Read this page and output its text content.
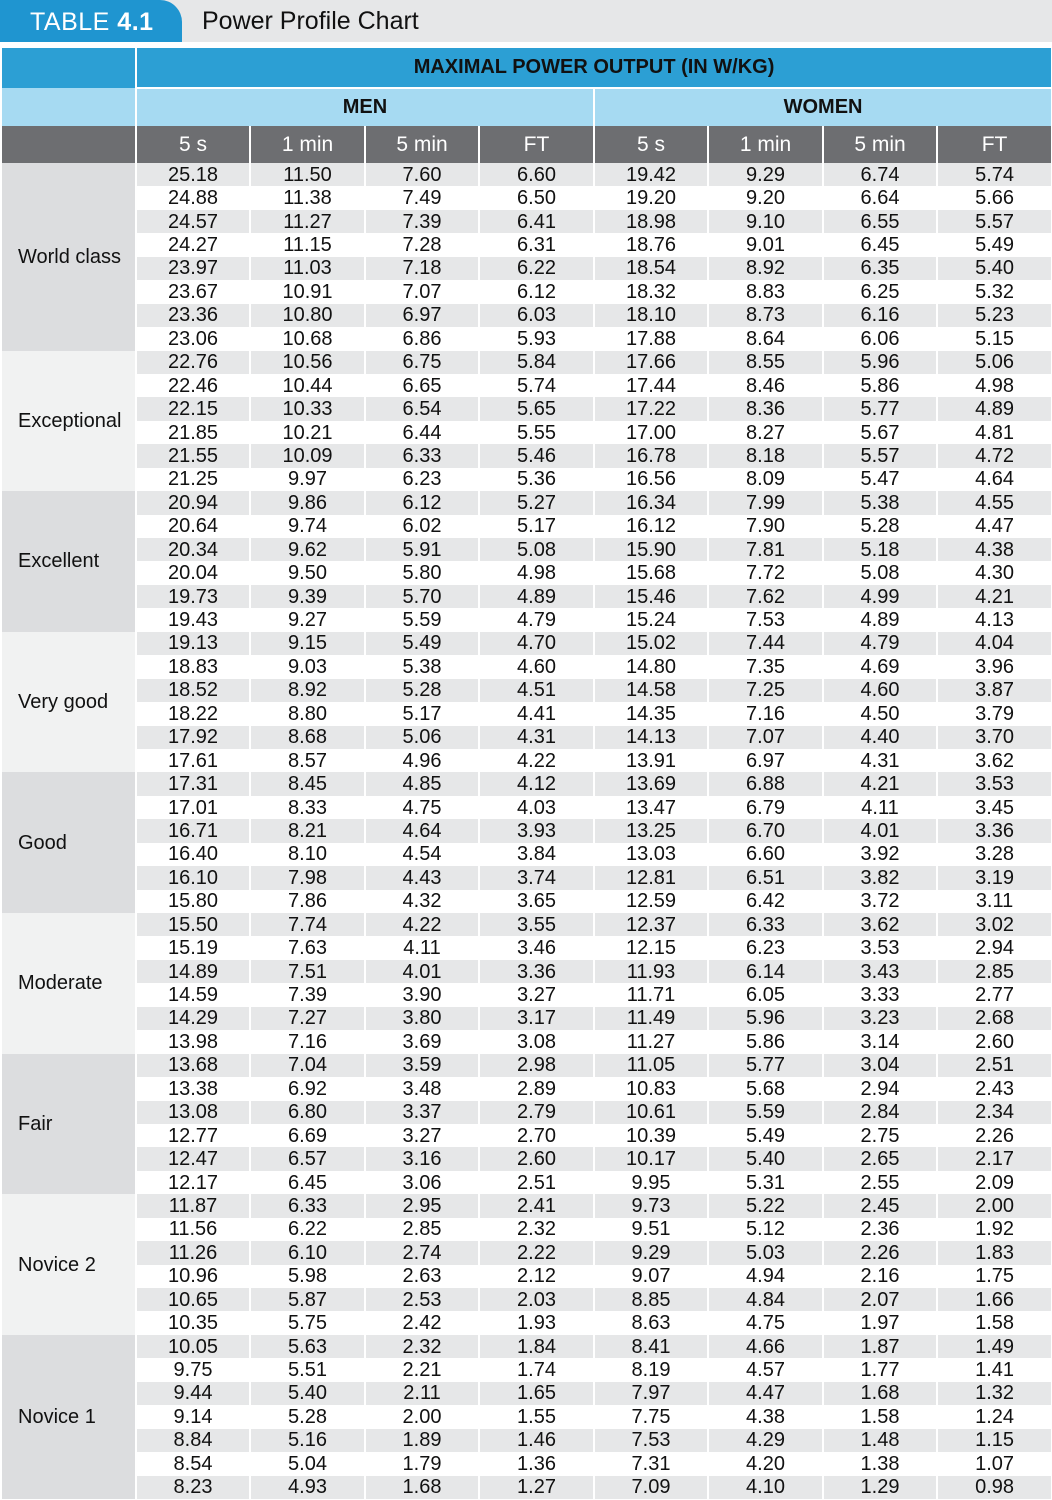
TABLE 4.1	Power Profile Chart
	MAXIMAL POWER OUTPUT (IN W/KG)							
	MEN				WOMEN			
	5 s	1 min	5 min	FT	5 s	1 min	5 min	FT
World class	25.18	11.50	7.60	6.60	19.42	9.29	6.74	5.74
	24.88	11.38	7.49	6.50	19.20	9.20	6.64	5.66
	24.57	11.27	7.39	6.41	18.98	9.10	6.55	5.57
	24.27	11.15	7.28	6.31	18.76	9.01	6.45	5.49
	23.97	11.03	7.18	6.22	18.54	8.92	6.35	5.40
	23.67	10.91	7.07	6.12	18.32	8.83	6.25	5.32
	23.36	10.80	6.97	6.03	18.10	8.73	6.16	5.23
	23.06	10.68	6.86	5.93	17.88	8.64	6.06	5.15
Exceptional	22.76	10.56	6.75	5.84	17.66	8.55	5.96	5.06
	22.46	10.44	6.65	5.74	17.44	8.46	5.86	4.98
	22.15	10.33	6.54	5.65	17.22	8.36	5.77	4.89
	21.85	10.21	6.44	5.55	17.00	8.27	5.67	4.81
	21.55	10.09	6.33	5.46	16.78	8.18	5.57	4.72
	21.25	9.97	6.23	5.36	16.56	8.09	5.47	4.64
Excellent	20.94	9.86	6.12	5.27	16.34	7.99	5.38	4.55
	20.64	9.74	6.02	5.17	16.12	7.90	5.28	4.47
	20.34	9.62	5.91	5.08	15.90	7.81	5.18	4.38
	20.04	9.50	5.80	4.98	15.68	7.72	5.08	4.30
	19.73	9.39	5.70	4.89	15.46	7.62	4.99	4.21
	19.43	9.27	5.59	4.79	15.24	7.53	4.89	4.13
Very good	19.13	9.15	5.49	4.70	15.02	7.44	4.79	4.04
	18.83	9.03	5.38	4.60	14.80	7.35	4.69	3.96
	18.52	8.92	5.28	4.51	14.58	7.25	4.60	3.87
	18.22	8.80	5.17	4.41	14.35	7.16	4.50	3.79
	17.92	8.68	5.06	4.31	14.13	7.07	4.40	3.70
	17.61	8.57	4.96	4.22	13.91	6.97	4.31	3.62
Good	17.31	8.45	4.85	4.12	13.69	6.88	4.21	3.53
	17.01	8.33	4.75	4.03	13.47	6.79	4.11	3.45
	16.71	8.21	4.64	3.93	13.25	6.70	4.01	3.36
	16.40	8.10	4.54	3.84	13.03	6.60	3.92	3.28
	16.10	7.98	4.43	3.74	12.81	6.51	3.82	3.19
	15.80	7.86	4.32	3.65	12.59	6.42	3.72	3.11
Moderate	15.50	7.74	4.22	3.55	12.37	6.33	3.62	3.02
	15.19	7.63	4.11	3.46	12.15	6.23	3.53	2.94
	14.89	7.51	4.01	3.36	11.93	6.14	3.43	2.85
	14.59	7.39	3.90	3.27	11.71	6.05	3.33	2.77
	14.29	7.27	3.80	3.17	11.49	5.96	3.23	2.68
	13.98	7.16	3.69	3.08	11.27	5.86	3.14	2.60
Fair	13.68	7.04	3.59	2.98	11.05	5.77	3.04	2.51
	13.38	6.92	3.48	2.89	10.83	5.68	2.94	2.43
	13.08	6.80	3.37	2.79	10.61	5.59	2.84	2.34
	12.77	6.69	3.27	2.70	10.39	5.49	2.75	2.26
	12.47	6.57	3.16	2.60	10.17	5.40	2.65	2.17
	12.17	6.45	3.06	2.51	9.95	5.31	2.55	2.09
Novice 2	11.87	6.33	2.95	2.41	9.73	5.22	2.45	2.00
	11.56	6.22	2.85	2.32	9.51	5.12	2.36	1.92
	11.26	6.10	2.74	2.22	9.29	5.03	2.26	1.83
	10.96	5.98	2.63	2.12	9.07	4.94	2.16	1.75
	10.65	5.87	2.53	2.03	8.85	4.84	2.07	1.66
	10.35	5.75	2.42	1.93	8.63	4.75	1.97	1.58
Novice 1	10.05	5.63	2.32	1.84	8.41	4.66	1.87	1.49
	9.75	5.51	2.21	1.74	8.19	4.57	1.77	1.41
	9.44	5.40	2.11	1.65	7.97	4.47	1.68	1.32
	9.14	5.28	2.00	1.55	7.75	4.38	1.58	1.24
	8.84	5.16	1.89	1.46	7.53	4.29	1.48	1.15
	8.54	5.04	1.79	1.36	7.31	4.20	1.38	1.07
	8.23	4.93	1.68	1.27	7.09	4.10	1.29	0.98
